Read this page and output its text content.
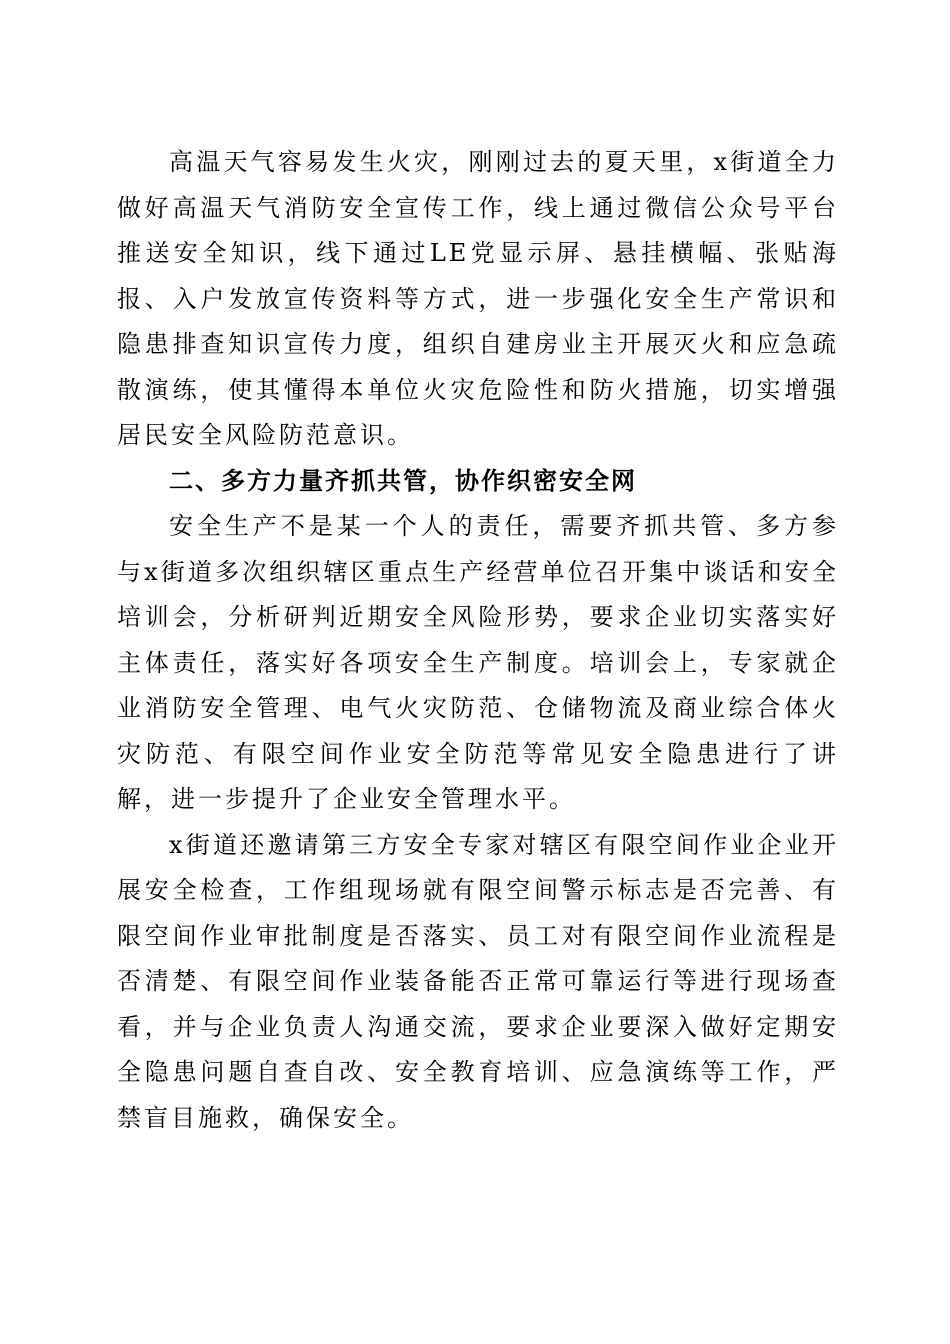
高温天气容易发生火灾，刚刚过去的夏天里，x街道全力做好高温天气消防安全宣传工作，线上通过微信公众号平台推送安全知识，线下通过LE党显示屏、悬挂横幅、张贴海报、入户发放宣传资料等方式，进一步强化安全生产常识和隐患排查知识宣传力度，组织自建房业主开展灭火和应急疏散演练，使其懂得本单位火灾危险性和防火措施，切实增强居民安全风险防范意识。

二、多方力量齐抓共管，协作织密安全网

安全生产不是某一个人的责任，需要齐抓共管、多方参与x街道多次组织辖区重点生产经营单位召开集中谈话和安全培训会，分析研判近期安全风险形势，要求企业切实落实好主体责任，落实好各项安全生产制度。培训会上，专家就企业消防安全管理、电气火灾防范、仓储物流及商业综合体火灾防范、有限空间作业安全防范等常见安全隐患进行了讲解，进一步提升了企业安全管理水平。

x街道还邀请第三方安全专家对辖区有限空间作业企业开展安全检查，工作组现场就有限空间警示标志是否完善、有限空间作业审批制度是否落实、员工对有限空间作业流程是否清楚、有限空间作业装备能否正常可靠运行等进行现场查看，并与企业负责人沟通交流，要求企业要深入做好定期安全隐患问题自查自改、安全教育培训、应急演练等工作，严禁盲目施救，确保安全。
